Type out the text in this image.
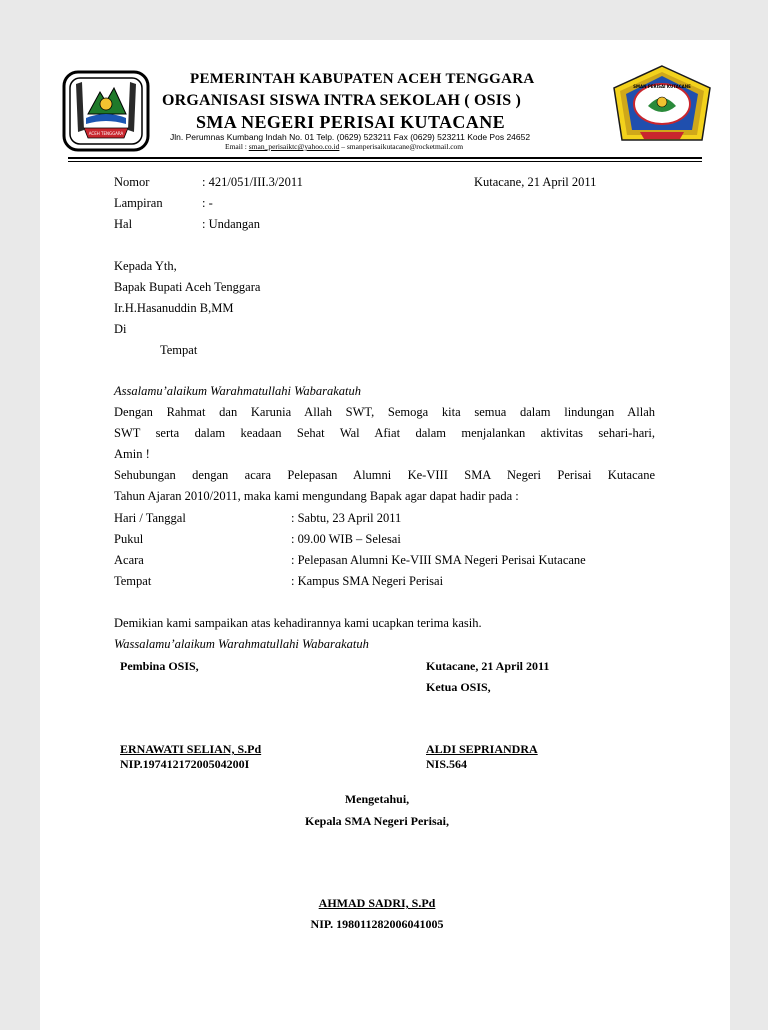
ACEH TENGGARA
SMAN PERISAI KUTACANE
PEMERINTAH KABUPATEN ACEH TENGGARA
ORGANISASI SISWA INTRA SEKOLAH ( OSIS )
SMA NEGERI PERISAI KUTACANE
Jln. Perumnas Kumbang Indah No. 01 Telp. (0629) 523211 Fax (0629) 523211 Kode Pos 24652
Email : sman_perisaiktc@yahoo.co.id – smanperisaikutacane@rocketmail.com
Nomor	: 421/051/III.3/2011	Kutacane, 21 April 2011
Lampiran	: -
Hal	: Undangan
Kepada Yth,
Bapak Bupati Aceh Tenggara
Ir.H.Hasanuddin B,MM
Di
Tempat
Assalamu’alaikum Warahmatullahi Wabarakatuh
Dengan Rahmat dan Karunia Allah SWT, Semoga kita semua dalam lindungan Allah
SWT serta dalam keadaan Sehat Wal Afiat dalam menjalankan aktivitas sehari-hari,
Amin !
Sehubungan dengan acara Pelepasan Alumni Ke-VIII SMA Negeri Perisai Kutacane
Tahun Ajaran 2010/2011, maka kami mengundang Bapak agar dapat hadir pada :
Hari / Tanggal	: Sabtu, 23 April 2011
Pukul	: 09.00 WIB – Selesai
Acara	: Pelepasan Alumni Ke-VIII SMA Negeri Perisai Kutacane
Tempat	: Kampus SMA Negeri Perisai
Demikian kami sampaikan atas kehadirannya kami ucapkan terima kasih.
Wassalamu’alaikum Warahmatullahi Wabarakatuh
Pembina OSIS,	Kutacane, 21 April 2011
Ketua OSIS,
ERNAWATI SELIAN, S.Pd
NIP.19741217200504200I
ALDI SEPRIANDRA
NIS.564
Mengetahui,
Kepala SMA Negeri Perisai,
AHMAD SADRI, S.Pd
NIP. 198011282006041005
